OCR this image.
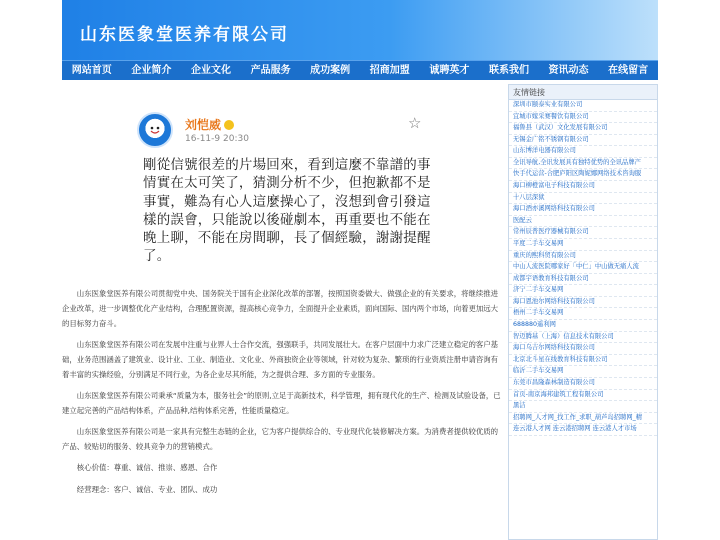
山东医象堂医养有限公司
网站首页	企业简介	企业文化	产品服务	成功案例	招商加盟	诚聘英才	联系我们	资讯动态	在线留言
刘恺威
16-11-9 20:30
☆
剛從信號很差的片場回來，看到這麼不靠譜的事情實在太可笑了，猜測分析不少，但抱歉都不是事實，難為有心人這麼操心了，沒想到會引發這樣的誤會，只能說以後碰劇本，再重要也不能在晚上聊，不能在房間聊，長了個經驗，謝謝提醒了。

山东医象堂医养有限公司贯彻党中央、国务院关于国有企业深化改革的部署，按照国资委做大、做强企业的有关要求，将继续推进企业改革，进一步调整优化产业结构，合理配置资源，提高核心竞争力，全面提升企业素质，面向国际、国内两个市场，向着更加远大的目标努力奋斗。

山东医象堂医养有限公司在发展中注重与业界人士合作交流，强强联手，共同发展壮大。在客户层面中力求广泛建立稳定的客户基础，业务范围涵盖了建筑业、设计业、工业、制造业、文化业、外商独资企业等领域，针对较为复杂、繁琐的行业资质注册申请咨询有着丰富的实操经验，分别满足不同行业，为各企业尽其所能，为之提供合理、多方面的专业服务。

山东医象堂医养有限公司秉承“质量为本，服务社会”的原则,立足于高新技术，科学管理，拥有现代化的生产、检测及试验设备，已建立起完善的产品结构体系，产品品种,结构体系完善，性能质量稳定。

山东医象堂医养有限公司是一家具有完整生态链的企业，它为客户提供综合的、专业现代化装修解决方案。为消费者提供较优质的产品、较贴切的服务、较具竞争力的营销模式。

核心价值：尊重、诚信、推崇、感恩、合作

经营理念：客户、诚信、专业、团队、成功

友情链接
深圳市颐泰实业有限公司
宜城市嫁采赛餐饮有限公司
福鲁县（武汉）文化发展有限公司
无锡金广铭不锈钢有限公司
山东博洋电器有限公司
全讯导航,全讯发展具有独特优势的全讯品牌产
快手代运营-合肥庐阳区陶妮娜网络技术咨询服
海口柳橙富电子科技有限公司
十八层深狱
海口酒亦溪网络科技有限公司
医配云
常州辰普医疗器械有限公司
平度二手车交易网
重庆的熙科贸有限公司
中山人流医院哪家好「中仁」中山做无痛人流
成都宇语教育科技有限公司
济宁二手车交易网
海口恩池尔网络科技有限公司
梧州二手车交易网
688880遥利网
智迈腾基（上海）信息技术有限公司
海口乌吉尔网络科技有限公司
北京北斗星在线教育科技有限公司
临沂二手车交易网
东莞市昌隆森林制造有限公司
首页-南京海邦建筑工程有限公司
黑洁
招聘网_人才网_找工作_求职_葫芦岛招聘网_精
连云港人才网 连云港招聘网 连云港人才市场
